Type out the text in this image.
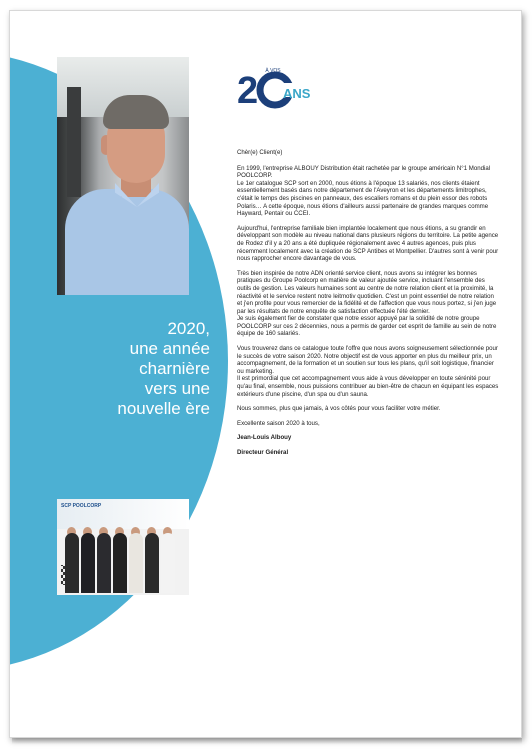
2020,
une année
charnière
vers une
nouvelle ère
SCP POOLCORP
2 À VOS
CÔTÉS
ANS

Chèr(e) Client(e)

En 1999, l'entreprise ALBOUY Distribution était rachetée par le groupe américain N°1 Mondial POOLCORP.
Le 1er catalogue SCP sort en 2000, nous étions à l'époque 13 salariés, nos clients étaient essentiellement basés dans notre département de l'Aveyron et les départements limitrophes, c'était le temps des piscines en panneaux, des escaliers romans et du plein essor des robots Polaris… A cette époque, nous étions d'ailleurs aussi partenaire de grandes marques comme Hayward, Pentair ou CCEI.

Aujourd'hui, l'entreprise familiale bien implantée localement que nous étions, a su grandir en développant son modèle au niveau national dans plusieurs régions du territoire. La petite agence de Rodez d'il y a 20 ans a été dupliquée régionalement avec 4 autres agences, puis plus récemment localement avec la création de SCP Antibes et Montpellier. D'autres sont à venir pour nous rapprocher encore davantage de vous.

Très bien inspirée de notre ADN orienté service client, nous avons su intégrer les bonnes pratiques du Groupe Poolcorp en matière de valeur ajoutée service, incluant l'ensemble des outils de gestion. Les valeurs humaines sont au centre de notre relation client et la proximité, la réactivité et le service restent notre leitmotiv quotidien. C'est un point essentiel de notre relation et j'en profite pour vous remercier de la fidélité et de l'affection que vous nous portez, si j'en juge par les résultats de notre enquête de satisfaction effectuée l'été dernier.
Je suis également fier de constater que notre essor appuyé par la solidité de notre groupe POOLCORP sur ces 2 décennies, nous a permis de garder cet esprit de famille au sein de notre équipe de 160 salariés.

Vous trouverez dans ce catalogue toute l'offre que nous avons soigneusement sélectionnée pour le succès de votre saison 2020. Notre objectif est de vous apporter en plus du meilleur prix, un accompagnement, de la formation et un soutien sur tous les plans, qu'il soit logistique, financier ou marketing.
Il est primordial que cet accompagnement vous aide à vous développer en toute sérénité pour qu'au final, ensemble, nous puissions contribuer au bien-être de chacun en équipant les espaces extérieurs d'une piscine, d'un spa ou d'un sauna.

Nous sommes, plus que jamais, à vos côtés pour vous faciliter votre métier.

Excellente saison 2020 à tous,

Jean-Louis Albouy

Directeur Général
